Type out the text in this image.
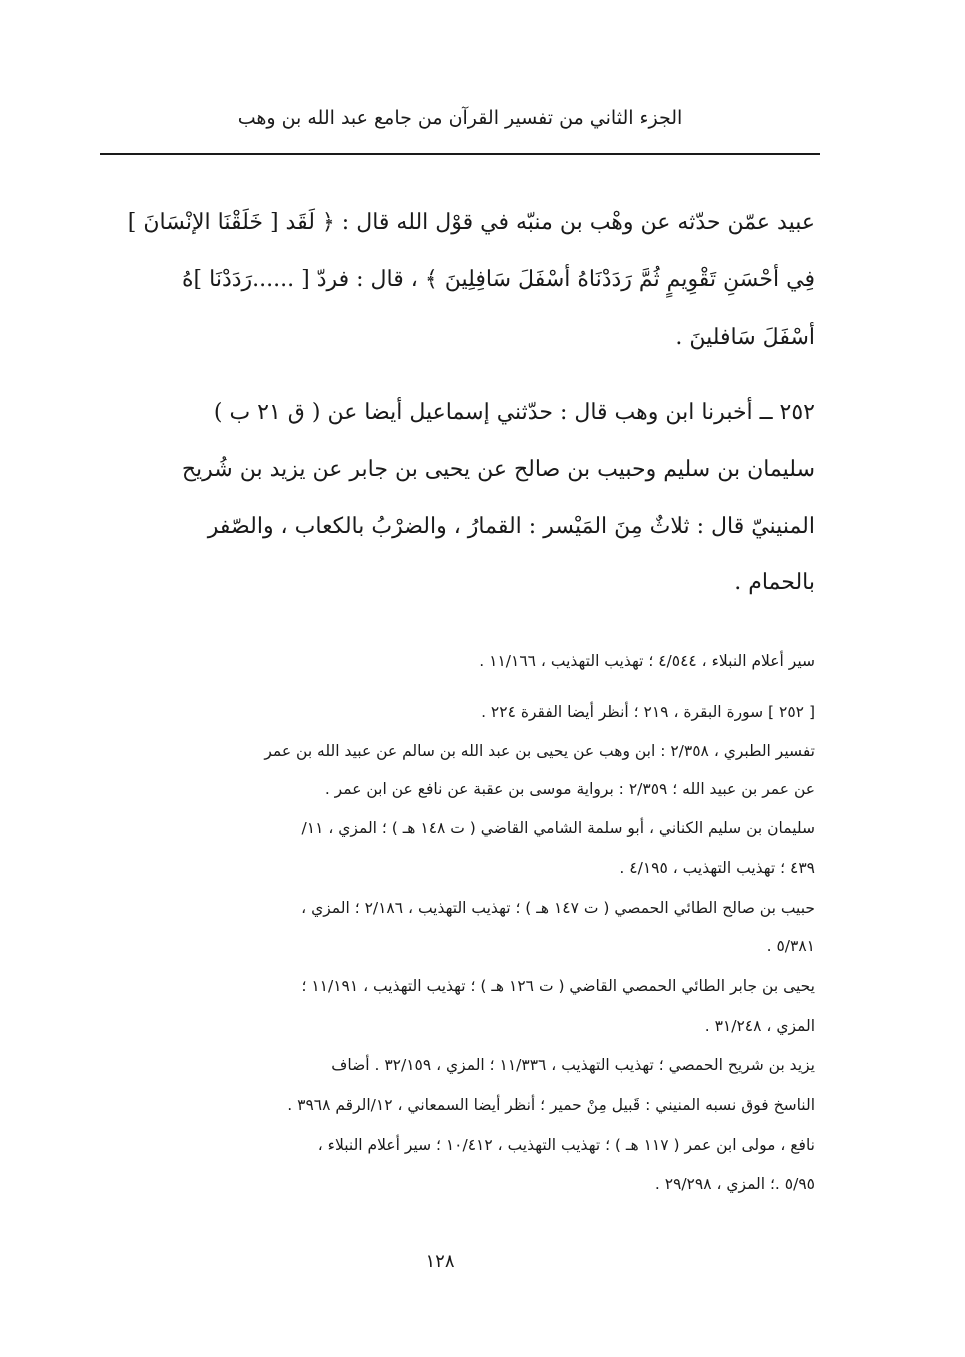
الجزء الثاني من تفسير القرآن من جامع عبد الله بن وهب
عبيد عمّن حدّثه عن وهْب بن منبّه في قوْل الله قال : ﴿ لَقَد [ خَلَقْنَا الإنْسَانَ ]
فِي أحْسَنِ تَقْوِيمٍ ثُمَّ رَدَدْنَاهُ أسْفَلَ سَافِلِينَ ﴾ ، قال : فردّ [ ......رَدَدْنَا ]هُ
أسْفَلَ سَافلينَ .
٢٥٢ ــ أخبرنا ابن وهب قال : حدّثني إسماعيل أيضا عن ( ق ٢١ ب )
سليمان بن سليم وحبيب بن صالح عن يحيى بن جابر عن يزيد بن شُريح
المنينيّ قال : ثلاثٌ مِنَ المَيْسر : القمارُ ، والضرْبُ بالكعاب ، والصّفر
بالحمام .
سير أعلام النبلاء ، ٤/٥٤٤ ؛ تهذيب التهذيب ، ١١/١٦٦ .
[ ٢٥٢ ] سورة البقرة ، ٢١٩ ؛ أنظر أيضا الفقرة ٢٢٤ .
تفسير الطبري ، ٢/٣٥٨ : ابن وهب عن يحيى بن عبد الله بن سالم عن عبيد الله بن عمر
عن عمر بن عبيد الله ؛ ٢/٣٥٩ : برواية موسى بن عقبة عن نافع عن ابن عمر .
سليمان بن سليم الكناني ، أبو سلمة الشامي القاضي ( ت ١٤٨ هـ ) ؛ المزي ، ١١/
٤٣٩ ؛ تهذيب التهذيب ، ٤/١٩٥ .
حبيب بن صالح الطائي الحمصي ( ت ١٤٧ هـ ) ؛ تهذيب التهذيب ، ٢/١٨٦ ؛ المزي ،
٥/٣٨١ .
يحيى بن جابر الطائي الحمصي القاضي ( ت ١٢٦ هـ ) ؛ تهذيب التهذيب ، ١١/١٩١ ؛
المزي ، ٣١/٢٤٨ .
يزيد بن شريح الحمصي ؛ تهذيب التهذيب ، ١١/٣٣٦ ؛ المزي ، ٣٢/١٥٩ . أضاف
الناسخ فوق نسبه المنيني : قَبيل مِنْ حمير ؛ أنظر أيضا السمعاني ، ١٢/الرقم ٣٩٦٨ .
نافع ، مولى ابن عمر ( ١١٧ هـ ) ؛ تهذيب التهذيب ، ١٠/٤١٢ ؛ سير أعلام النبلاء ،
٥/٩٥ .؛ المزي ، ٢٩/٢٩٨ .
١٢٨
